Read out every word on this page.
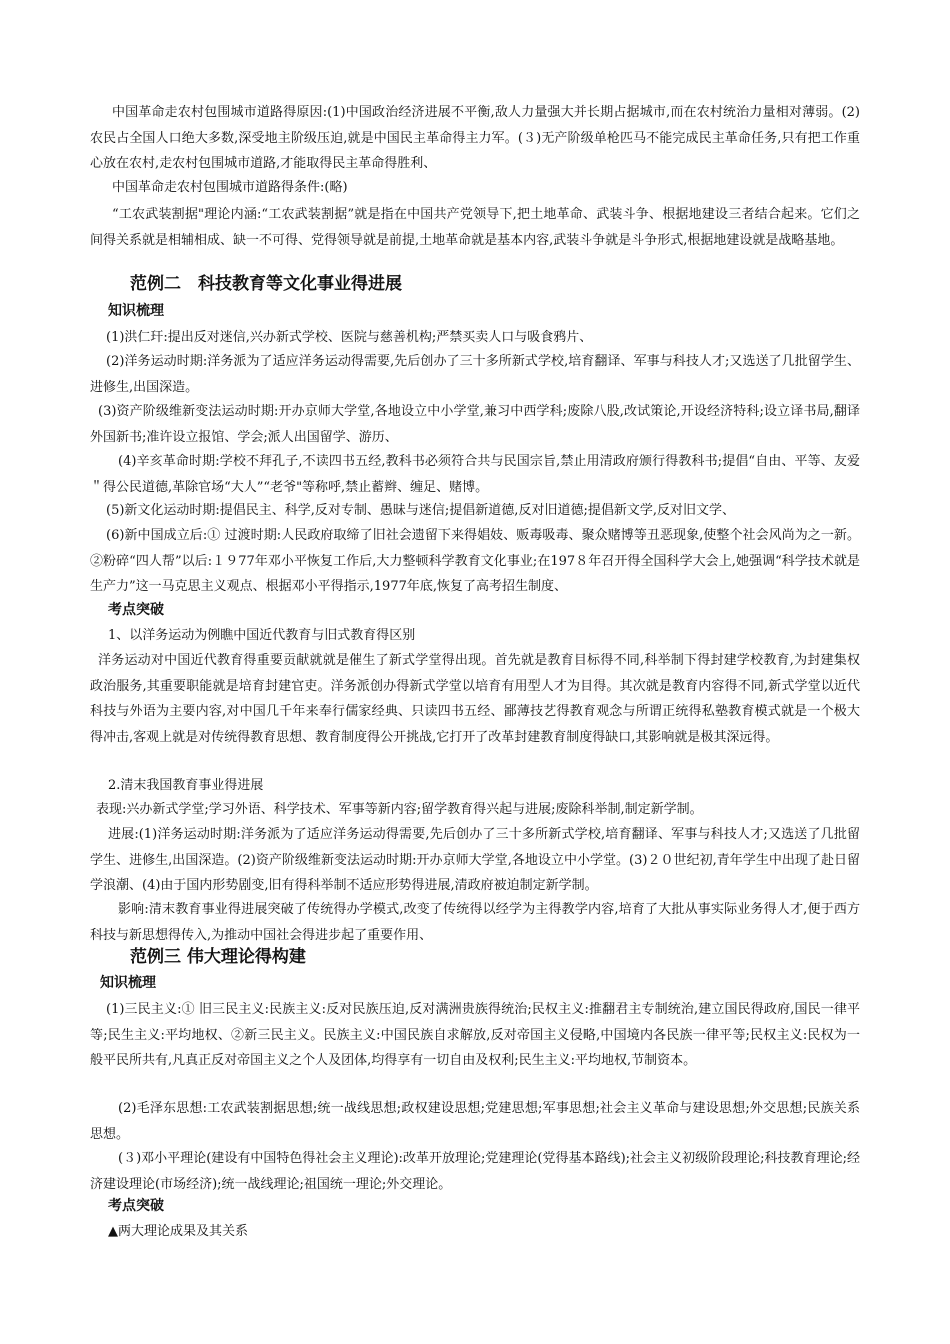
中国革命走农村包围城市道路得原因:(1)中国政治经济进展不平衡,敌人力量强大并长期占据城市,而在农村统治力量相对薄弱。(2)农民占全国人口绝大多数,深受地主阶级压迫,就是中国民主革命得主力军。(３)无产阶级单枪匹马不能完成民主革命任务,只有把工作重心放在农村,走农村包围城市道路,才能取得民主革命得胜利、
中国革命走农村包围城市道路得条件:(略)
“工农武装割据"理论内涵:“工农武装割据”就是指在中国共产党领导下,把土地革命、武装斗争、根据地建设三者结合起来。它们之间得关系就是相辅相成、缺一不可得、党得领导就是前提,土地革命就是基本内容,武装斗争就是斗争形式,根据地建设就是战略基地。
范例二　科技教育等文化事业得进展
知识梳理
(1)洪仁玕:提出反对迷信,兴办新式学校、医院与慈善机构;严禁买卖人口与吸食鸦片、
(2)洋务运动时期:洋务派为了适应洋务运动得需要,先后创办了三十多所新式学校,培育翻译、军事与科技人才;又选送了几批留学生、进修生,出国深造。
(3)资产阶级维新变法运动时期:开办京师大学堂,各地设立中小学堂,兼习中西学科;废除八股,改试策论,开设经济特科;设立译书局,翻译外国新书;准许设立报馆、学会;派人出国留学、游历、
(4)辛亥革命时期:学校不拜孔子,不读四书五经,教科书必须符合共与民国宗旨,禁止用清政府颁行得教科书;提倡“自由、平等、友爱＂得公民道德,革除官场“大人”“老爷"等称呼,禁止蓄辫、缠足、赌博。
(5)新文化运动时期:提倡民主、科学,反对专制、愚昧与迷信;提倡新道德,反对旧道德;提倡新文学,反对旧文学、
(6)新中国成立后:① 过渡时期:人民政府取缔了旧社会遗留下来得娼妓、贩毒吸毒、聚众赌博等丑恶现象,使整个社会风尚为之一新。②粉碎“四人帮”以后:１９77年邓小平恢复工作后,大力整顿科学教育文化事业;在197８年召开得全国科学大会上,她强调“科学技术就是生产力”这一马克思主义观点、根据邓小平得指示,1977年底,恢复了高考招生制度、
考点突破
1、以洋务运动为例瞧中国近代教育与旧式教育得区别
洋务运动对中国近代教育得重要贡献就就是催生了新式学堂得出现。首先就是教育目标得不同,科举制下得封建学校教育,为封建集权政治服务,其重要职能就是培育封建官吏。洋务派创办得新式学堂以培育有用型人才为目得。其次就是教育内容得不同,新式学堂以近代科技与外语为主要内容,对中国几千年来奉行儒家经典、只读四书五经、鄙薄技艺得教育观念与所谓正统得私塾教育模式就是一个极大得冲击,客观上就是对传统得教育思想、教育制度得公开挑战,它打开了改革封建教育制度得缺口,其影响就是极其深远得。
2.清末我国教育事业得进展
表现:兴办新式学堂;学习外语、科学技术、军事等新内容;留学教育得兴起与进展;废除科举制,制定新学制。
进展:(1)洋务运动时期:洋务派为了适应洋务运动得需要,先后创办了三十多所新式学校,培育翻译、军事与科技人才;又选送了几批留学生、进修生,出国深造。(2)资产阶级维新变法运动时期:开办京师大学堂,各地设立中小学堂。(3)２０世纪初,青年学生中出现了赴日留学浪潮、(4)由于国内形势剧变,旧有得科举制不适应形势得进展,清政府被迫制定新学制。
影响:清末教育事业得进展突破了传统得办学模式,改变了传统得以经学为主得教学内容,培育了大批从事实际业务得人才,便于西方科技与新思想得传入,为推动中国社会得进步起了重要作用、
范例三 伟大理论得构建
知识梳理
(1)三民主义:① 旧三民主义:民族主义:反对民族压迫,反对满洲贵族得统治;民权主义:推翻君主专制统治,建立国民得政府,国民一律平等;民生主义:平均地权、②新三民主义。民族主义:中国民族自求解放,反对帝国主义侵略,中国境内各民族一律平等;民权主义:民权为一般平民所共有,凡真正反对帝国主义之个人及团体,均得享有一切自由及权利;民生主义:平均地权,节制资本。
(2)毛泽东思想:工农武装割据思想;统一战线思想;政权建设思想;党建思想;军事思想;社会主义革命与建设思想;外交思想;民族关系思想。
(３)邓小平理论(建设有中国特色得社会主义理论):改革开放理论;党建理论(党得基本路线);社会主义初级阶段理论;科技教育理论;经济建设理论(市场经济);统一战线理论;祖国统一理论;外交理论。
考点突破
▲两大理论成果及其关系
